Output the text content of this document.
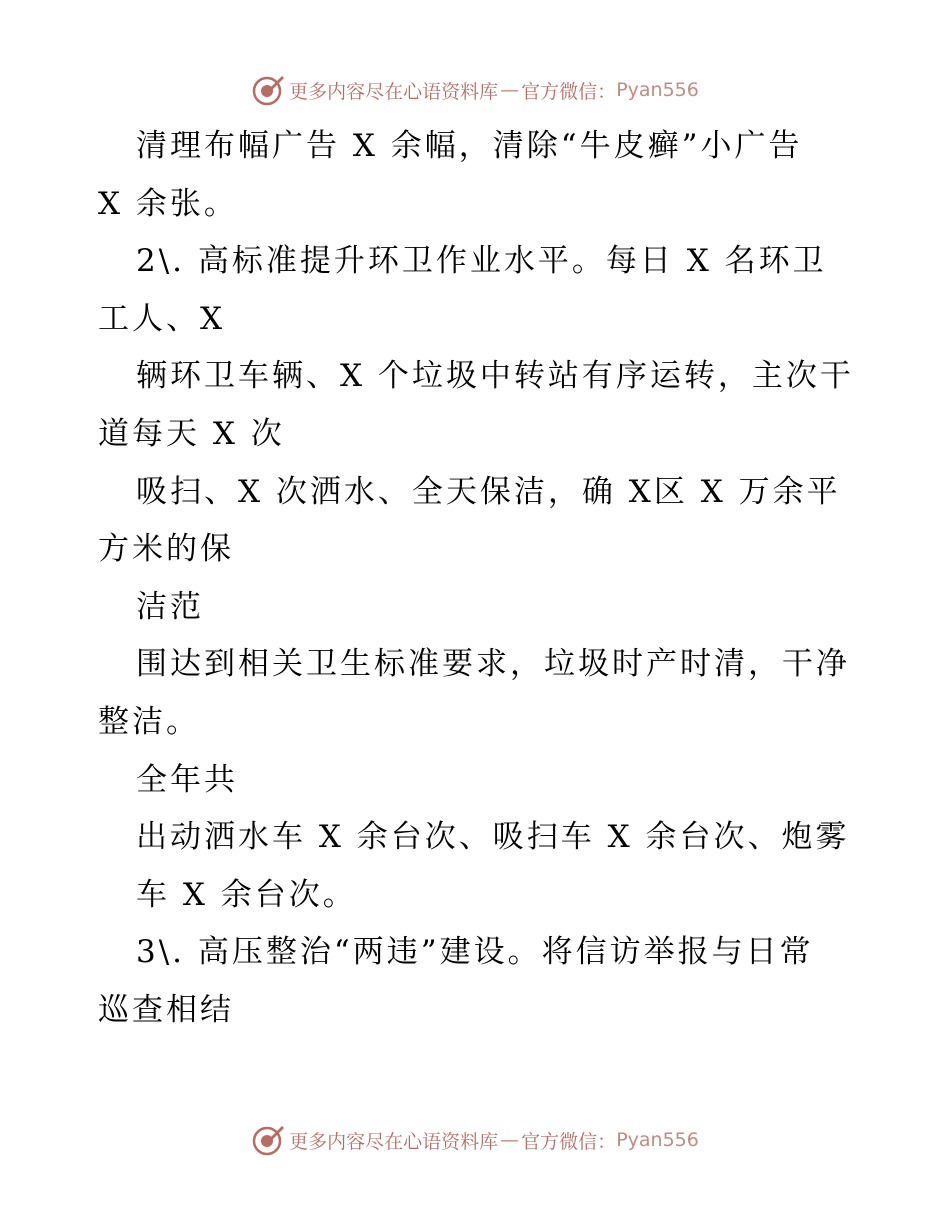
更多内容尽在心语资料库 — 官方微信： Pyan556
清理布幅广告 X 余幅，清除“牛皮癣”小广告
X 余张。
2\. 高标准提升环卫作业水平。每日 X 名环卫
工人、X
辆环卫车辆、X 个垃圾中转站有序运转，主次干
道每天 X 次
吸扫、X 次洒水、全天保洁，确 X区 X 万余平
方米的保
洁范
围达到相关卫生标准要求，垃圾时产时清，干净
整洁。
全年共
出动洒水车 X 余台次、吸扫车 X 余台次、炮雾
车 X 余台次。
3\. 高压整治“两违”建设。将信访举报与日常
巡查相结
更多内容尽在心语资料库 — 官方微信： Pyan556
